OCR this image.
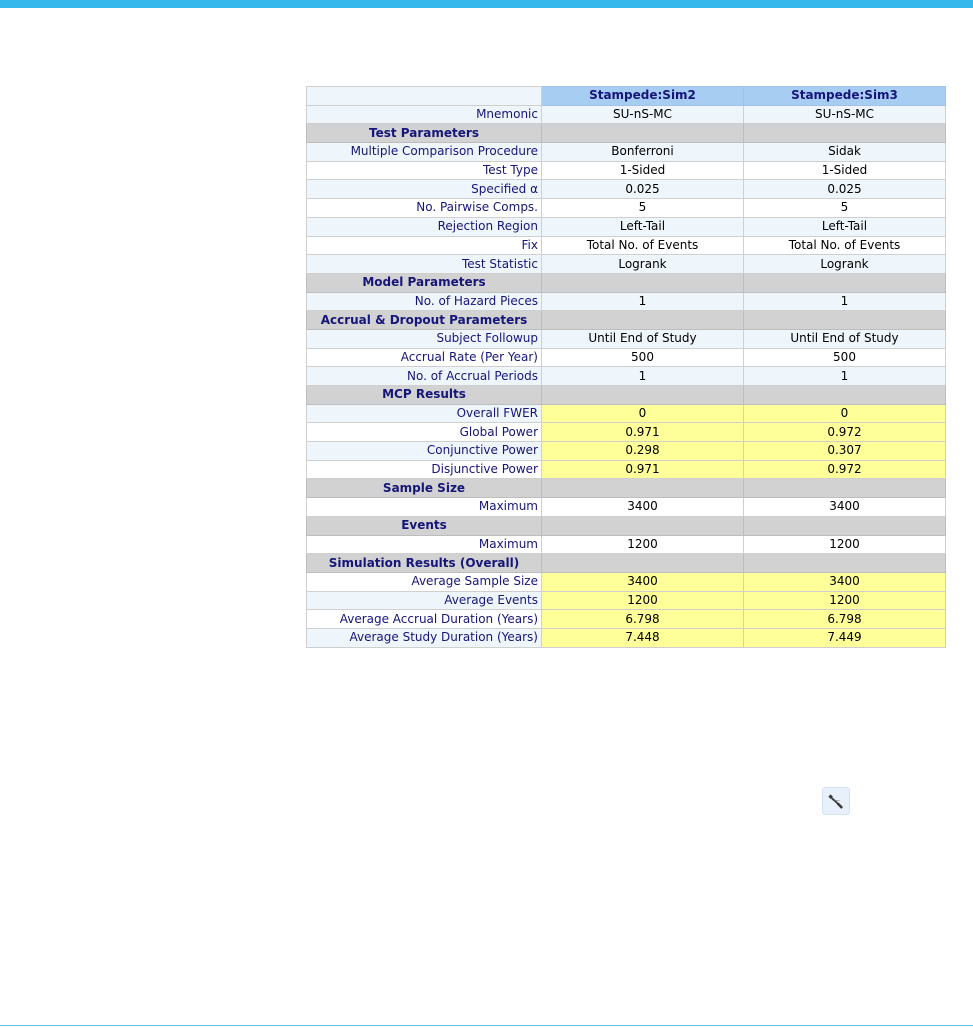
	Stampede:Sim2	Stampede:Sim3
Mnemonic	SU-nS-MC	SU-nS-MC
Test Parameters		
Multiple Comparison Procedure	Bonferroni	Sidak
Test Type	1-Sided	1-Sided
Specified α	0.025	0.025
No. Pairwise Comps.	5	5
Rejection Region	Left-Tail	Left-Tail
Fix	Total No. of Events	Total No. of Events
Test Statistic	Logrank	Logrank
Model Parameters		
No. of Hazard Pieces	1	1
Accrual & Dropout Parameters		
Subject Followup	Until End of Study	Until End of Study
Accrual Rate (Per Year)	500	500
No. of Accrual Periods	1	1
MCP Results		
Overall FWER	0	0
Global Power	0.971	0.972
Conjunctive Power	0.298	0.307
Disjunctive Power	0.971	0.972
Sample Size		
Maximum	3400	3400
Events		
Maximum	1200	1200
Simulation Results (Overall)		
Average Sample Size	3400	3400
Average Events	1200	1200
Average Accrual Duration (Years)	6.798	6.798
Average Study Duration (Years)	7.448	7.449
